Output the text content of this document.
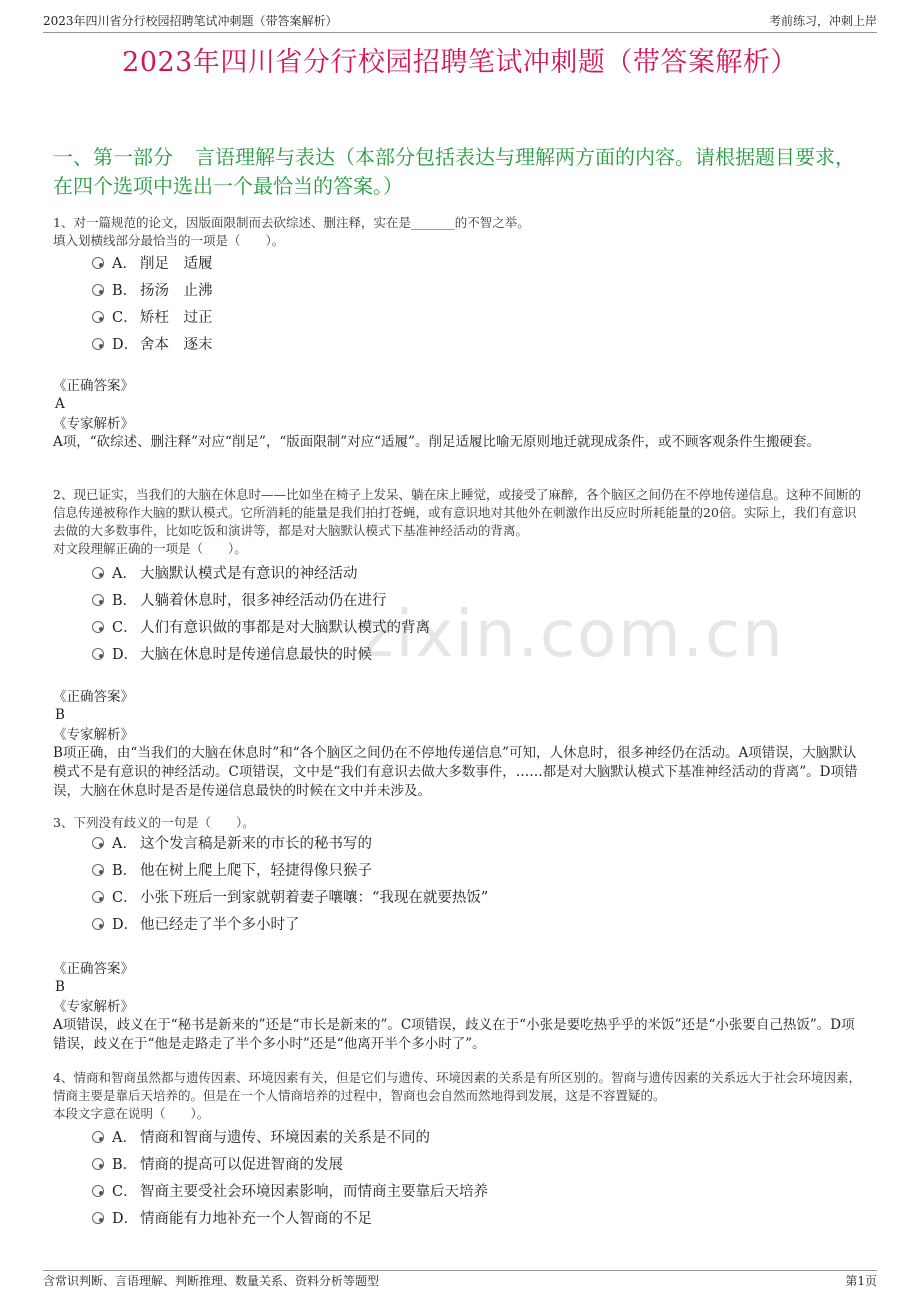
2023年四川省分行校园招聘笔试冲刺题（带答案解析）	考前练习，冲刺上岸
2023年四川省分行校园招聘笔试冲刺题（带答案解析）
一、第一部分 言语理解与表达（本部分包括表达与理解两方面的内容。请根据题目要求，在四个选项中选出一个最恰当的答案。）
zixin.com.cn

1、对一篇规范的论文，因版面限制而去砍综述、删注释，实在是_______的不智之举。

填入划横线部分最恰当的一项是（　　）。

A． 削足　适履
B． 扬汤　止沸
C． 矫枉　过正
D． 舍本　逐末

《正确答案》

A

《专家解析》

A项，“砍综述、删注释”对应“削足”，“版面限制”对应“适履”。削足适履比喻无原则地迁就现成条件，或不顾客观条件生搬硬套。

2、现已证实，当我们的大脑在休息时——比如坐在椅子上发呆、躺在床上睡觉，或接受了麻醉，各个脑区之间仍在不停地传递信息。这种不间断的信息传递被称作大脑的默认模式。它所消耗的能量是我们拍打苍蝇，或有意识地对其他外在刺激作出反应时所耗能量的20倍。实际上，我们有意识去做的大多数事件，比如吃饭和演讲等，都是对大脑默认模式下基准神经活动的背离。

对文段理解正确的一项是（　　）。

A． 大脑默认模式是有意识的神经活动
B． 人躺着休息时，很多神经活动仍在进行
C． 人们有意识做的事都是对大脑默认模式的背离
D． 大脑在休息时是传递信息最快的时候

《正确答案》

B

《专家解析》

B项正确，由“当我们的大脑在休息时”和“各个脑区之间仍在不停地传递信息”可知，人休息时，很多神经仍在活动。A项错误，大脑默认模式不是有意识的神经活动。C项错误，文中是“我们有意识去做大多数事件，……都是对大脑默认模式下基准神经活动的背离”。D项错误，大脑在休息时是否是传递信息最快的时候在文中并未涉及。

3、下列没有歧义的一句是（　　）。

A． 这个发言稿是新来的市长的秘书写的
B． 他在树上爬上爬下，轻捷得像只猴子
C． 小张下班后一到家就朝着妻子嚷嚷：“我现在就要热饭”
D． 他已经走了半个多小时了

《正确答案》

B

《专家解析》

A项错误，歧义在于“秘书是新来的”还是“市长是新来的”。C项错误，歧义在于“小张是要吃热乎乎的米饭”还是“小张要自己热饭”。D项错误，歧义在于“他是走路走了半个多小时”还是“他离开半个多小时了”。

4、情商和智商虽然都与遗传因素、环境因素有关，但是它们与遗传、环境因素的关系是有所区别的。智商与遗传因素的关系远大于社会环境因素，情商主要是靠后天培养的。但是在一个人情商培养的过程中，智商也会自然而然地得到发展，这是不容置疑的。

本段文字意在说明（　　）。

A． 情商和智商与遗传、环境因素的关系是不同的
B． 情商的提高可以促进智商的发展
C． 智商主要受社会环境因素影响，而情商主要靠后天培养
D． 情商能有力地补充一个人智商的不足
含常识判断、言语理解、判断推理、数量关系、资料分析等题型	第1页
